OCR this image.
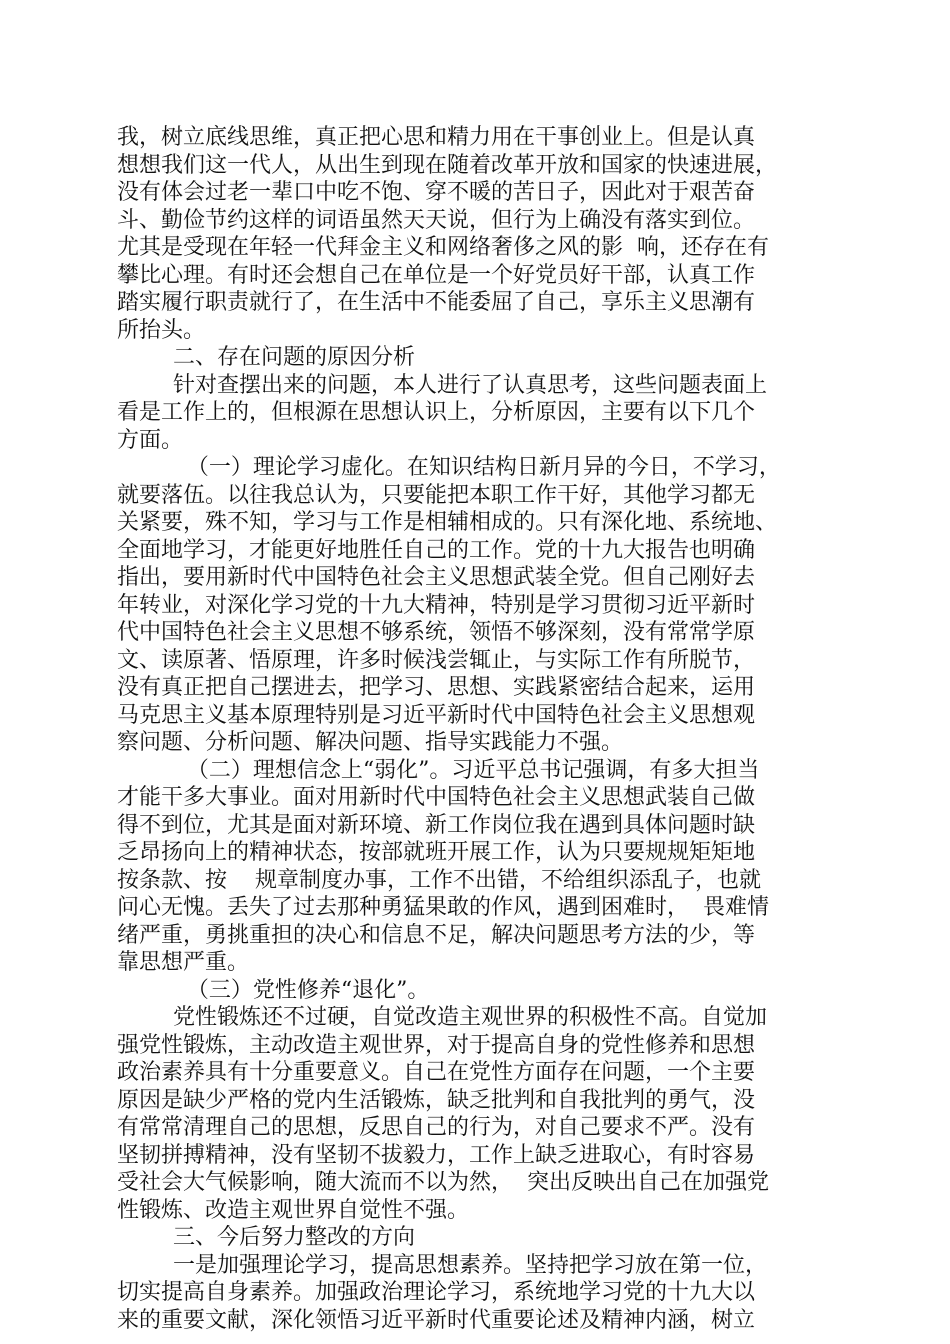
我，树立底线思维，真正把心思和精力用在干事创业上。但是认真
想想我们这一代人，从出生到现在随着改革开放和国家的快速进展，
没有体会过老一辈口中吃不饱、穿不暖的苦日子，因此对于艰苦奋
斗、勤俭节约这样的词语虽然天天说，但行为上确没有落实到位。
尤其是受现在年轻一代拜金主义和网络奢侈之风的影  响，还存在有
攀比心理。有时还会想自己在单位是一个好党员好干部，认真工作
踏实履行职责就行了，在生活中不能委屈了自己，享乐主义思潮有
所抬头。
二、存在问题的原因分析
针对查摆出来的问题，本人进行了认真思考，这些问题表面上
看是工作上的，但根源在思想认识上，分析原因，主要有以下几个
方面。
（一）理论学习虚化。在知识结构日新月异的今日，不学习，
就要落伍。以往我总认为，只要能把本职工作干好，其他学习都无
关紧要，殊不知，学习与工作是相辅相成的。只有深化地、系统地、
全面地学习，才能更好地胜任自己的工作。党的十九大报告也明确
指出，要用新时代中国特色社会主义思想武装全党。但自己刚好去
年转业，对深化学习党的十九大精神，特别是学习贯彻习近平新时
代中国特色社会主义思想不够系统，领悟不够深刻，没有常常学原
文、读原著、悟原理，许多时候浅尝辄止，与实际工作有所脱节，
没有真正把自己摆进去，把学习、思想、实践紧密结合起来，运用
马克思主义基本原理特别是习近平新时代中国特色社会主义思想观
察问题、分析问题、解决问题、指导实践能力不强。
（二）理想信念上“弱化”。习近平总书记强调，有多大担当
才能干多大事业。面对用新时代中国特色社会主义思想武装自己做
得不到位，尤其是面对新环境、新工作岗位我在遇到具体问题时缺
乏昂扬向上的精神状态，按部就班开展工作，认为只要规规矩矩地
按条款、按    规章制度办事，工作不出错，不给组织添乱子，也就
问心无愧。丢失了过去那种勇猛果敢的作风，遇到困难时，  畏难情
绪严重，勇挑重担的决心和信息不足，解决问题思考方法的少，等
靠思想严重。
（三）党性修养“退化”。
党性锻炼还不过硬，自觉改造主观世界的积极性不高。自觉加
强党性锻炼，主动改造主观世界，对于提高自身的党性修养和思想
政治素养具有十分重要意义。自己在党性方面存在问题，一个主要
原因是缺少严格的党内生活锻炼，缺乏批判和自我批判的勇气，没
有常常清理自己的思想，反思自己的行为，对自己要求不严。没有
坚韧拼搏精神，没有坚韧不拔毅力，工作上缺乏进取心，有时容易
受社会大气候影响，随大流而不以为然，  突出反映出自己在加强党
性锻炼、改造主观世界自觉性不强。
三、今后努力整改的方向
一是加强理论学习，提高思想素养。坚持把学习放在第一位，
切实提高自身素养。加强政治理论学习，系统地学习党的十九大以
来的重要文献，深化领悟习近平新时代重要论述及精神内涵，树立
